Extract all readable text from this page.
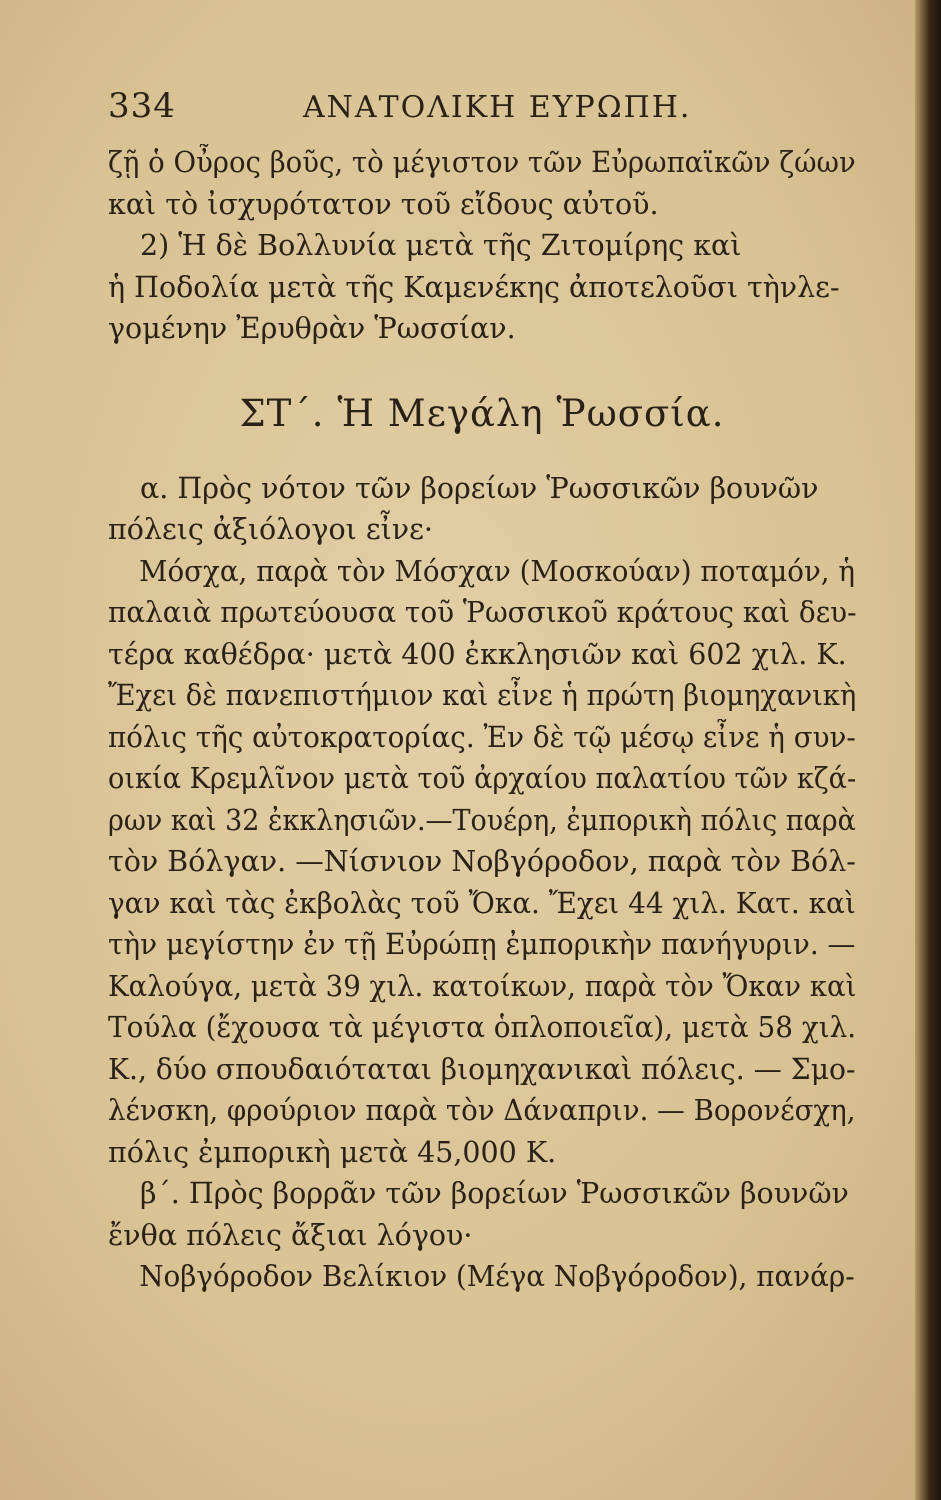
334	ΑΝΑΤΟΛΙΚΗ ΕΥΡΩΠΗ.
ζῇ ὁ Οὖρος βοῦς, τὸ μέγιστον τῶν Εὐρωπαϊκῶν ζώων
καὶ τὸ ἰσχυρότατον τοῦ εἴδους αὐτοῦ.
2) Ἡ δὲ Βολλυνία μετὰ τῆς Ζιτομίρης καὶ
ἡ Ποδολία μετὰ τῆς Καμενέκης ἀποτελοῦσι τὴνλε-
γομένην Ἐρυθρὰν Ῥωσσίαν.
ΣΤ΄. Ἡ Μεγάλη Ῥωσσία.
α. Πρὸς νότον τῶν βορείων Ῥωσσικῶν βουνῶν
πόλεις ἀξιόλογοι εἶνε·
Μόσχα, παρὰ τὸν Μόσχαν (Μοσκούαν) ποταμόν, ἡ
παλαιὰ πρωτεύουσα τοῦ Ῥωσσικοῦ κράτους καὶ δευ-
τέρα καθέδρα· μετὰ 400 ἐκκλησιῶν καὶ 602 χιλ. Κ.
Ἔχει δὲ πανεπιστήμιον καὶ εἶνε ἡ πρώτη βιομηχανικὴ
πόλις τῆς αὐτοκρατορίας. Ἐν δὲ τῷ μέσῳ εἶνε ἡ συν-
οικία Κρεμλῖνον μετὰ τοῦ ἀρχαίου παλατίου τῶν κζά-
ρων καὶ 32 ἐκκλησιῶν.—Τουέρη, ἐμπορικὴ πόλις παρὰ
τὸν Βόλγαν. —Νίσνιον Νοβγόροδον, παρὰ τὸν Βόλ-
γαν καὶ τὰς ἐκβολὰς τοῦ Ὄκα. Ἔχει 44 χιλ. Κατ. καὶ
τὴν μεγίστην ἐν τῇ Εὐρώπῃ ἐμπορικὴν πανήγυριν. —
Καλούγα, μετὰ 39 χιλ. κατοίκων, παρὰ τὸν Ὄκαν καὶ
Τούλα (ἔχουσα τὰ μέγιστα ὁπλοποιεῖα), μετὰ 58 χιλ.
Κ., δύο σπουδαιόταται βιομηχανικαὶ πόλεις. — Σμο-
λένσκη, φρούριον παρὰ τὸν Δάναπριν. — Βορονέσχη,
πόλις ἐμπορικὴ μετὰ 45,000 Κ.
β΄. Πρὸς βορρᾶν τῶν βορείων Ῥωσσικῶν βουνῶν
ἔνθα πόλεις ἄξιαι λόγου·
Νοβγόροδον Βελίκιον (Μέγα Νοβγόροδον), πανάρ-
